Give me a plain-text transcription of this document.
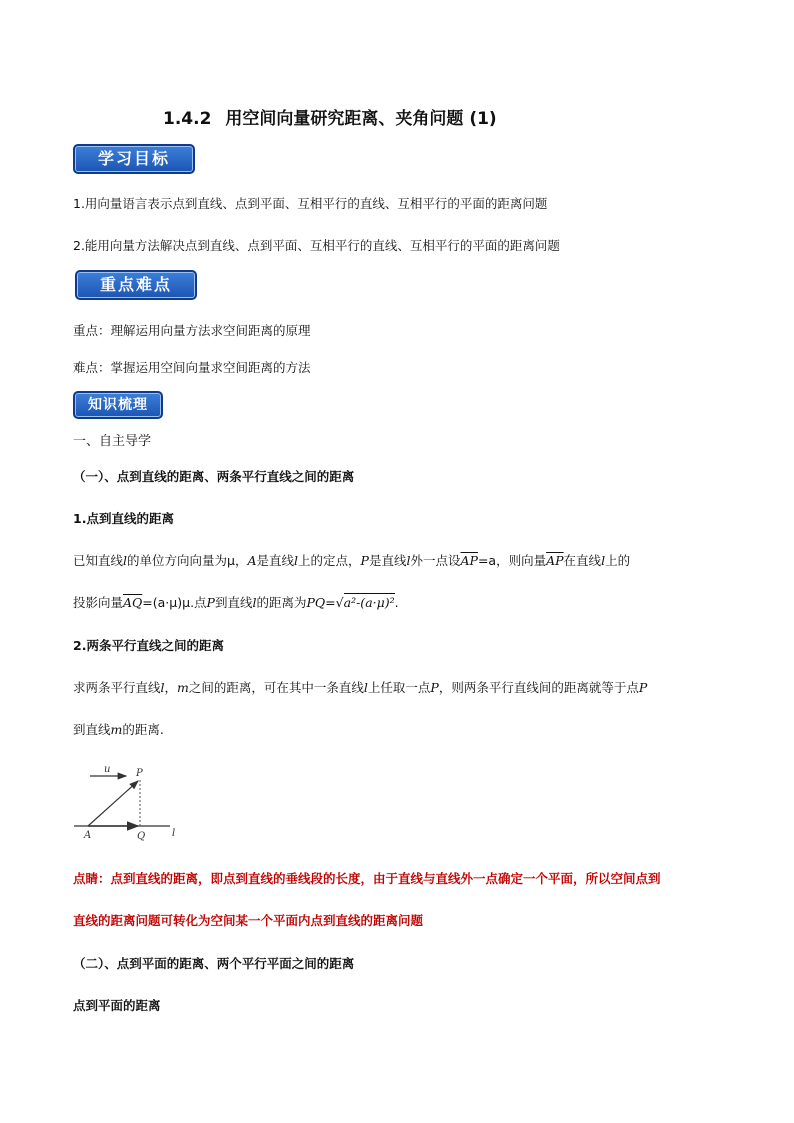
1.4.2 用空间向量研究距离、夹角问题 (1)
学习目标
1.用向量语言表示点到直线、点到平面、互相平行的直线、互相平行的平面的距离问题
2.能用向量方法解决点到直线、点到平面、互相平行的直线、互相平行的平面的距离问题
重点难点
重点：理解运用向量方法求空间距离的原理
难点：掌握运用空间向量求空间距离的方法
知识梳理
一、自主导学
（一）、点到直线的距离、两条平行直线之间的距离
1.点到直线的距离
已知直线l的单位方向向量为μ，A是直线l上的定点，P是直线l外一点设$\overline{AP}=a$，则向量$\overline{AP}$在直线l上的
投影向量$\overline{AQ}=(a\cdot\mu)\mu$.点P到直线l的距离为PQ=√a²-(a·μ)².
2.两条平行直线之间的距离
求两条平行直线l，m之间的距离，可在其中一条直线l上任取一点P，则两条平行直线间的距离就等于点P
到直线m的距离.
u	P
A	Q	l
点睛：点到直线的距离，即点到直线的垂线段的长度，由于直线与直线外一点确定一个平面，所以空间点到
直线的距离问题可转化为空间某一个平面内点到直线的距离问题
（二）、点到平面的距离、两个平行平面之间的距离
点到平面的距离
